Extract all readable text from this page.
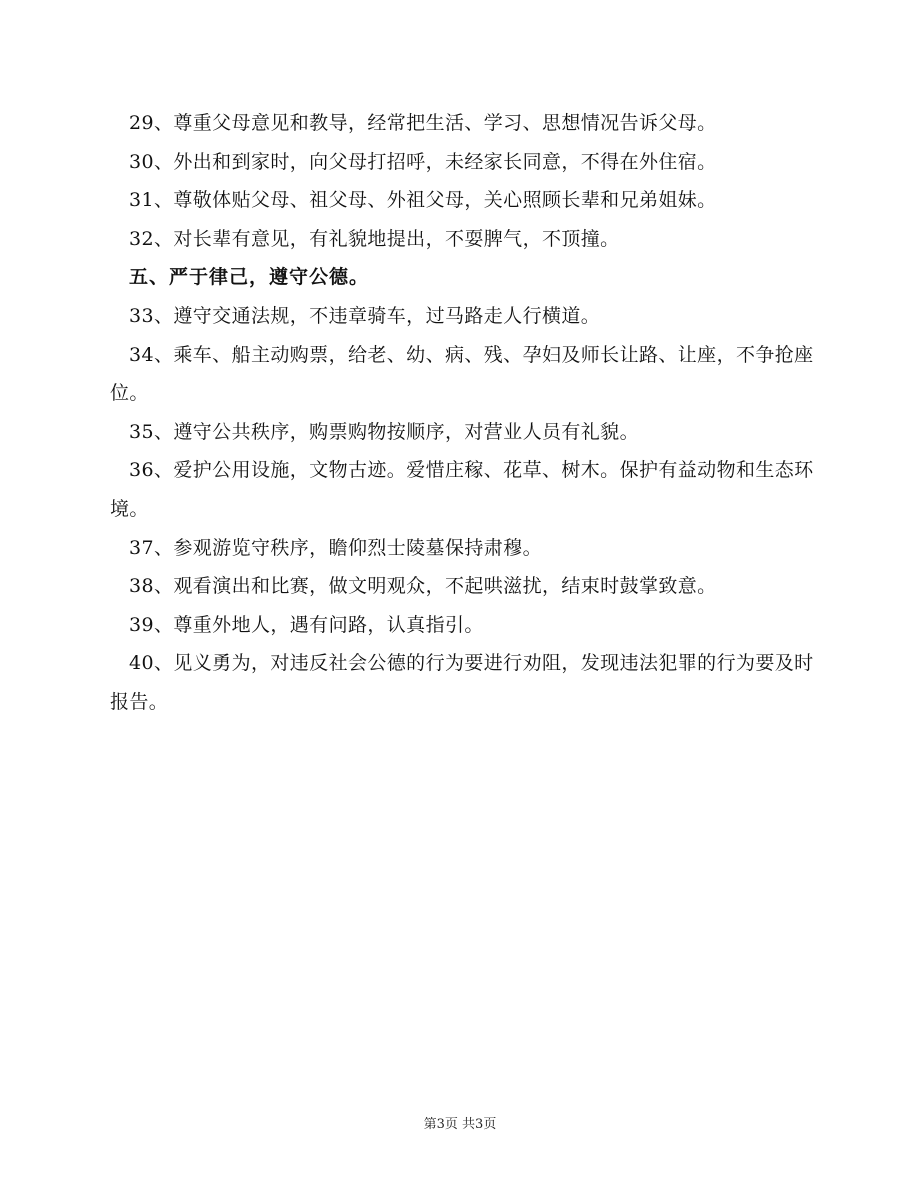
29、尊重父母意见和教导，经常把生活、学习、思想情况告诉父母。

30、外出和到家时，向父母打招呼，未经家长同意，不得在外住宿。

31、尊敬体贴父母、祖父母、外祖父母，关心照顾长辈和兄弟姐妹。

32、对长辈有意见，有礼貌地提出，不耍脾气，不顶撞。

五、严于律己，遵守公德。

33、遵守交通法规，不违章骑车，过马路走人行横道。

34、乘车、船主动购票，给老、幼、病、残、孕妇及师长让路、让座，不争抢座位。

35、遵守公共秩序，购票购物按顺序，对营业人员有礼貌。

36、爱护公用设施，文物古迹。爱惜庄稼、花草、树木。保护有益动物和生态环境。

37、参观游览守秩序，瞻仰烈士陵墓保持肃穆。

38、观看演出和比赛，做文明观众，不起哄滋扰，结束时鼓掌致意。

39、尊重外地人，遇有问路，认真指引。

40、见义勇为，对违反社会公德的行为要进行劝阻，发现违法犯罪的行为要及时报告。

第3页 共3页
